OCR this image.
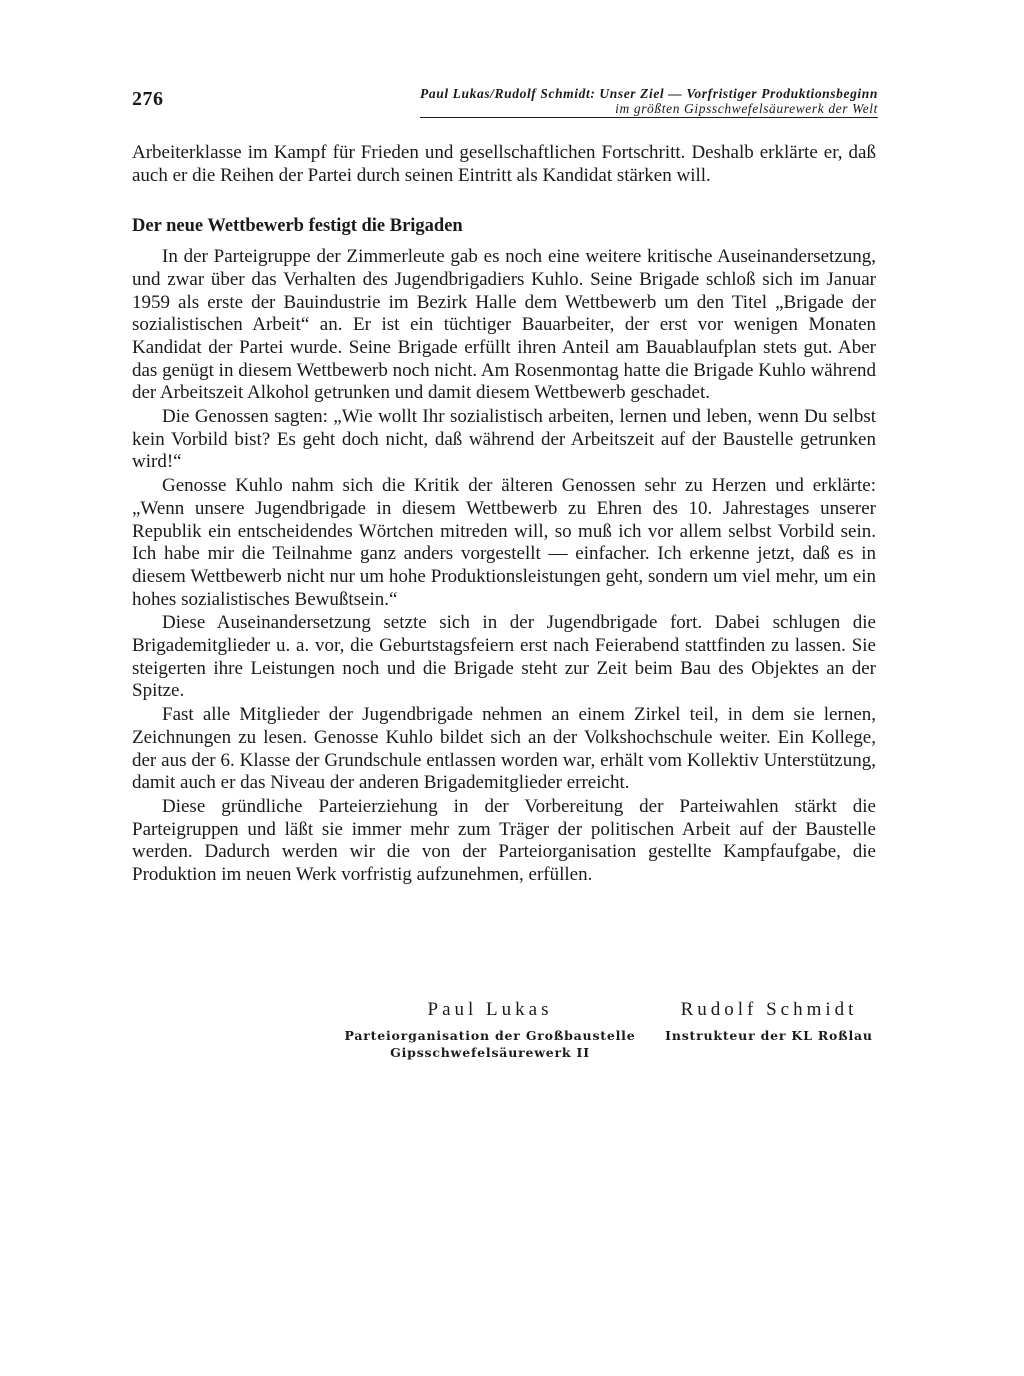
276	Paul Lukas/Rudolf Schmidt: Unser Ziel — Vorfristiger Produktionsbeginn
im größten Gipsschwefelsäurewerk der Welt

Arbeiterklasse im Kampf für Frieden und gesellschaftlichen Fortschritt. Deshalb erklärte er, daß auch er die Reihen der Partei durch seinen Eintritt als Kandidat stärken will.

Der neue Wettbewerb festigt die Brigaden

In der Parteigruppe der Zimmerleute gab es noch eine weitere kritische Auseinandersetzung, und zwar über das Verhalten des Jugendbrigadiers Kuhlo. Seine Brigade schloß sich im Januar 1959 als erste der Bauindustrie im Bezirk Halle dem Wettbewerb um den Titel „Brigade der sozialistischen Arbeit“ an. Er ist ein tüchtiger Bauarbeiter, der erst vor wenigen Monaten Kandidat der Partei wurde. Seine Brigade erfüllt ihren Anteil am Bauablaufplan stets gut. Aber das genügt in diesem Wettbewerb noch nicht. Am Rosenmontag hatte die Brigade Kuhlo während der Arbeitszeit Alkohol getrunken und damit diesem Wettbewerb geschadet.

Die Genossen sagten: „Wie wollt Ihr sozialistisch arbeiten, lernen und leben, wenn Du selbst kein Vorbild bist? Es geht doch nicht, daß während der Arbeitszeit auf der Baustelle getrunken wird!“

Genosse Kuhlo nahm sich die Kritik der älteren Genossen sehr zu Herzen und erklärte: „Wenn unsere Jugendbrigade in diesem Wettbewerb zu Ehren des 10. Jahrestages unserer Republik ein entscheidendes Wörtchen mitreden will, so muß ich vor allem selbst Vorbild sein. Ich habe mir die Teilnahme ganz anders vorgestellt — einfacher. Ich erkenne jetzt, daß es in diesem Wettbewerb nicht nur um hohe Produktionsleistungen geht, sondern um viel mehr, um ein hohes sozialistisches Bewußtsein.“

Diese Auseinandersetzung setzte sich in der Jugendbrigade fort. Dabei schlugen die Brigademitglieder u. a. vor, die Geburtstagsfeiern erst nach Feierabend stattfinden zu lassen. Sie steigerten ihre Leistungen noch und die Brigade steht zur Zeit beim Bau des Objektes an der Spitze.

Fast alle Mitglieder der Jugendbrigade nehmen an einem Zirkel teil, in dem sie lernen, Zeichnungen zu lesen. Genosse Kuhlo bildet sich an der Volkshochschule weiter. Ein Kollege, der aus der 6. Klasse der Grundschule entlassen worden war, erhält vom Kollektiv Unterstützung, damit auch er das Niveau der anderen Brigademitglieder erreicht.

Diese gründliche Parteierziehung in der Vorbereitung der Parteiwahlen stärkt die Parteigruppen und läßt sie immer mehr zum Träger der politischen Arbeit auf der Baustelle werden. Dadurch werden wir die von der Parteiorganisation gestellte Kampfaufgabe, die Produktion im neuen Werk vorfristig aufzunehmen, erfüllen.

Paul Lukas
Parteiorganisation der Großbaustelle
Gipsschwefelsäurewerk II
Rudolf Schmidt
Instrukteur der KL Roßlau
